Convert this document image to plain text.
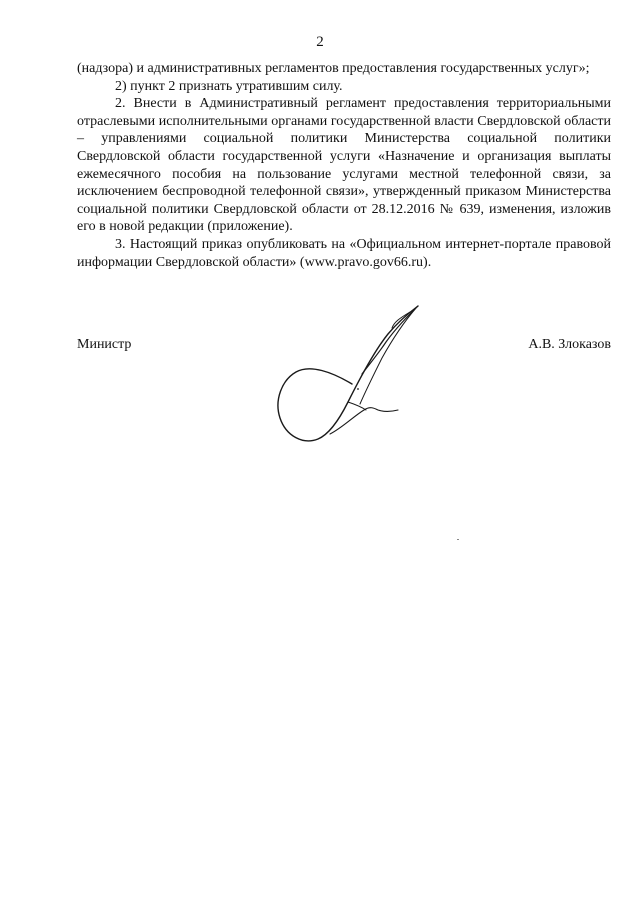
2

(надзора) и административных регламентов предоставления государственных услуг»;

2) пункт 2 признать утратившим силу.

2. Внести в Административный регламент предоставления территориальными отраслевыми исполнительными органами государственной власти Свердловской области – управлениями социальной политики Министерства социальной политики Свердловской области государственной услуги «Назначение и организация выплаты ежемесячного пособия на пользование услугами местной телефонной связи, за исключением беспроводной телефонной связи», утвержденный приказом Министерства социальной политики Свердловской области от 28.12.2016 № 639, изменения, изложив его в новой редакции (приложение).

3. Настоящий приказ опубликовать на «Официальном интернет-портале правовой информации Свердловской области» (www.pravo.gov66.ru).

Министр	А.В. Злоказов
